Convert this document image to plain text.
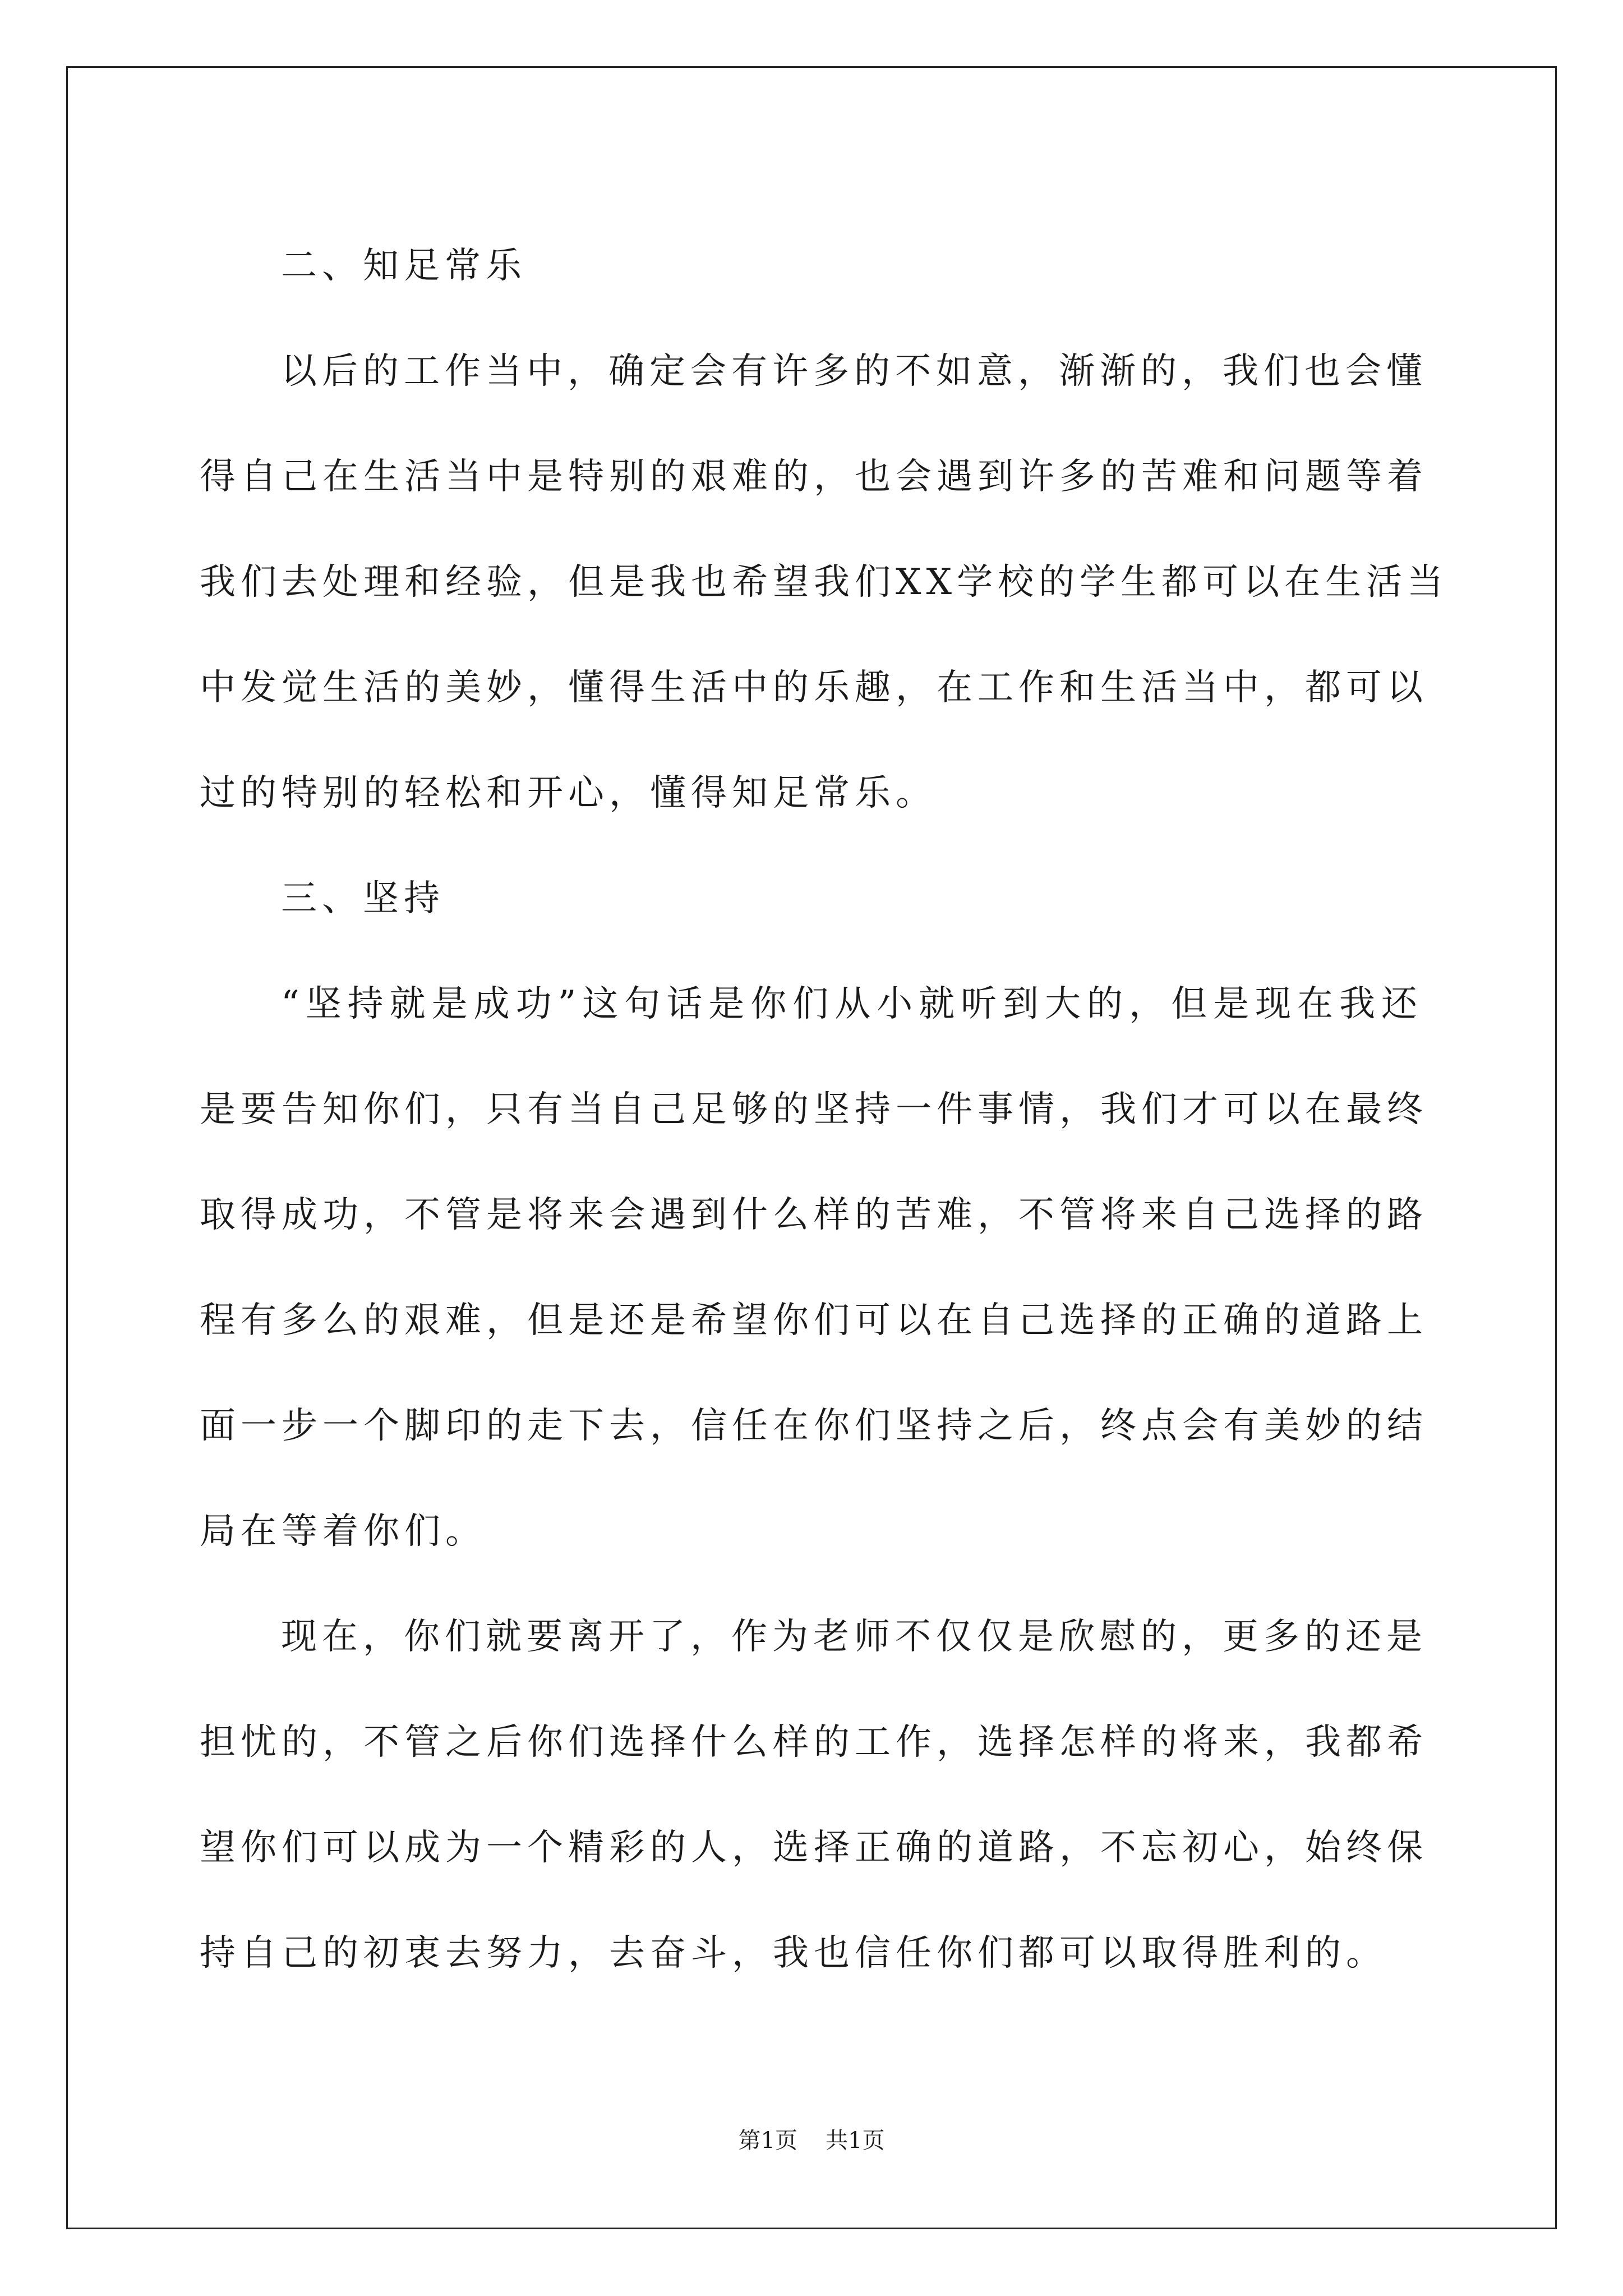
二、知足常乐
以后的工作当中，确定会有许多的不如意，渐渐的，我们也会懂
得自己在生活当中是特别的艰难的，也会遇到许多的苦难和问题等着
我们去处理和经验，但是我也希望我们XX学校的学生都可以在生活当
中发觉生活的美妙，懂得生活中的乐趣，在工作和生活当中，都可以
过的特别的轻松和开心，懂得知足常乐。
三、坚持
“坚持就是成功”这句话是你们从小就听到大的，但是现在我还
是要告知你们，只有当自己足够的坚持一件事情，我们才可以在最终
取得成功，不管是将来会遇到什么样的苦难，不管将来自己选择的路
程有多么的艰难，但是还是希望你们可以在自己选择的正确的道路上
面一步一个脚印的走下去，信任在你们坚持之后，终点会有美妙的结
局在等着你们。
现在，你们就要离开了，作为老师不仅仅是欣慰的，更多的还是
担忧的，不管之后你们选择什么样的工作，选择怎样的将来，我都希
望你们可以成为一个精彩的人，选择正确的道路，不忘初心，始终保
持自己的初衷去努力，去奋斗，我也信任你们都可以取得胜利的。
第1页 共1页
